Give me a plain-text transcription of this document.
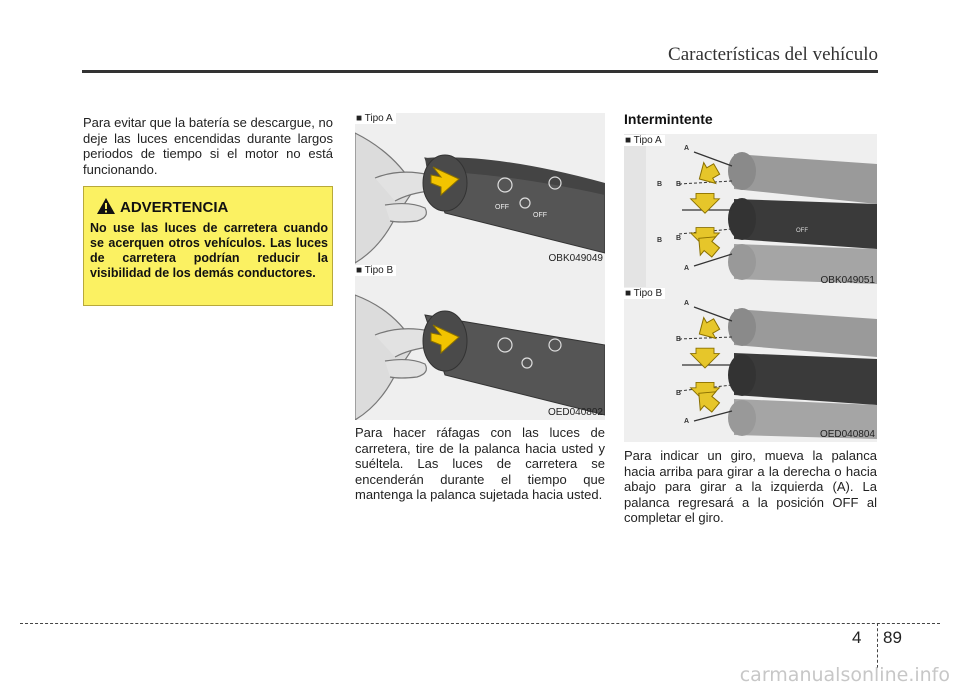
Características del vehículo
Para evitar que la batería se descargue, no deje las luces encendidas durante largos periodos de tiempo si el motor no está funcionando.
ADVERTENCIA
No use las luces de carretera cuando se acerquen otros vehículos. Las luces de carretera podrían reducir la visibilidad de los demás conductores.
OFF
OFF
■ Tipo A
OBK049049
■ Tipo B
OED040802
Para hacer ráfagas con las luces de carretera, tire de la palanca hacia usted y suéltela. Las luces de carretera se encenderán durante el tiempo que mantenga la palanca sujetada hacia usted.
Intermintente
A
B B
B B
A
OFF
■ Tipo A
OBK049051
A
B
B
A
■ Tipo B
OED040804
Para indicar un giro, mueva la palanca hacia arriba para girar a la derecha o hacia abajo para girar a la izquierda (A). La palanca regresará a la posición OFF al completar el giro.
4 89
carmanualsonline.info
